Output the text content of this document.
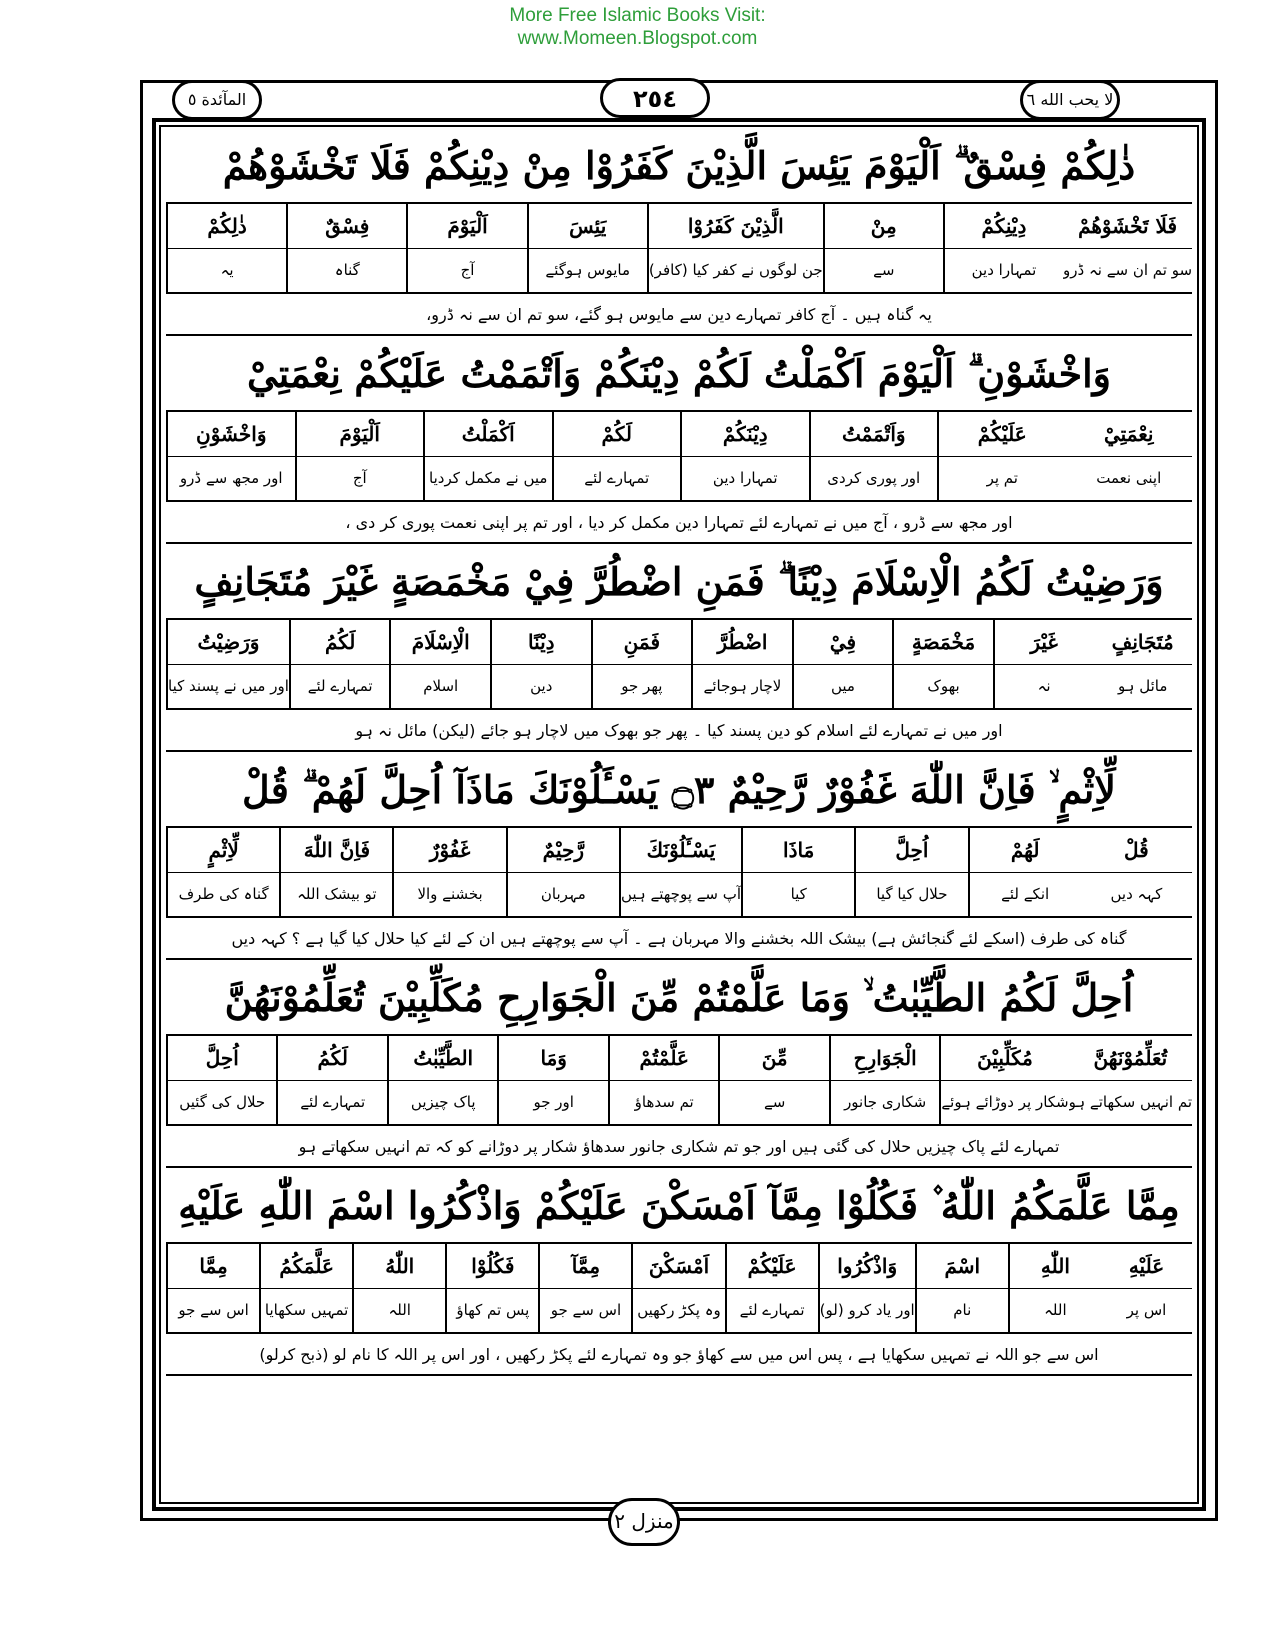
More Free Islamic Books Visit:
www.Momeen.Blogspot.com
المآئدة ٥	٢٥٤	لا يحب الله ٦
ذٰلِكُمْ فِسْقٌ ۗ اَلْيَوْمَ يَئِسَ الَّذِيْنَ كَفَرُوْا مِنْ دِيْنِكُمْ فَلَا تَخْشَوْهُمْ
ذٰلِكُمْ
یہ
فِسْقٌ
گناہ
اَلْيَوْمَ
آج
يَئِسَ
مایوس ہوگئے
الَّذِيْنَ كَفَرُوْا
جن لوگوں نے کفر کیا (کافر)
مِنْ
سے
دِيْنِكُمْ
تمہارا دین
فَلَا تَخْشَوْهُمْ
سو تم ان سے نہ ڈرو
یہ گناہ ہیں ۔ آج کافر تمہارے دین سے مایوس ہو گئے، سو تم ان سے نہ ڈرو،
وَاخْشَوْنِ ۗ اَلْيَوْمَ اَكْمَلْتُ لَكُمْ دِيْنَكُمْ وَاَتْمَمْتُ عَلَيْكُمْ نِعْمَتِيْ
وَاخْشَوْنِ
اور مجھ سے ڈرو
اَلْيَوْمَ
آج
اَكْمَلْتُ
میں نے مکمل کردیا
لَكُمْ
تمہارے لئے
دِيْنَكُمْ
تمہارا دین
وَاَتْمَمْتُ
اور پوری کردی
عَلَيْكُمْ
تم پر
نِعْمَتِيْ
اپنی نعمت
اور مجھ سے ڈرو ، آج میں نے تمہارے لئے تمہارا دین مکمل کر دیا ، اور تم پر اپنی نعمت پوری کر دی ،
وَرَضِيْتُ لَكُمُ الْاِسْلَامَ دِيْنًا ۗ فَمَنِ اضْطُرَّ فِيْ مَخْمَصَةٍ غَيْرَ مُتَجَانِفٍ
وَرَضِيْتُ
اور میں نے پسند کیا
لَكُمُ
تمہارے لئے
الْاِسْلَامَ
اسلام
دِيْنًا
دین
فَمَنِ
پھر جو
اضْطُرَّ
لاچار ہوجائے
فِيْ
میں
مَخْمَصَةٍ
بھوک
غَيْرَ
نہ
مُتَجَانِفٍ
مائل ہو
اور میں نے تمہارے لئے اسلام کو دین پسند کیا ۔ پھر جو بھوک میں لاچار ہو جائے (لیکن) مائل نہ ہو
لِّاِثْمٍ ۙ فَاِنَّ اللّٰهَ غَفُوْرٌ رَّحِيْمٌ ۝٣ يَسْـَٔلُوْنَكَ مَاذَآ اُحِلَّ لَهُمْ ۗ قُلْ
لِّاِثْمٍ
گناہ کی طرف
فَاِنَّ اللّٰهَ
تو بیشک اللہ
غَفُوْرٌ
بخشنے والا
رَّحِيْمٌ
مہربان
يَسْـَٔلُوْنَكَ
آپ سے پوچھتے ہیں
مَاذَا
کیا
اُحِلَّ
حلال کیا گیا
لَهُمْ
انکے لئے
قُلْ
کہہ دیں
گناہ کی طرف (اسکے لئے گنجائش ہے) بیشک اللہ بخشنے والا مہربان ہے ۔ آپ سے پوچھتے ہیں ان کے لئے کیا حلال کیا گیا ہے ؟ کہہ دیں
اُحِلَّ لَكُمُ الطَّيِّبٰتُ ۙ وَمَا عَلَّمْتُمْ مِّنَ الْجَوَارِحِ مُكَلِّبِيْنَ تُعَلِّمُوْنَهُنَّ
اُحِلَّ
حلال کی گئیں
لَكُمُ
تمہارے لئے
الطَّيِّبٰتُ
پاک چیزیں
وَمَا
اور جو
عَلَّمْتُمْ
تم سدھاؤ
مِّنَ
سے
الْجَوَارِحِ
شکاری جانور
مُكَلِّبِيْنَ
شکار پر دوڑائے ہوئے
تُعَلِّمُوْنَهُنَّ
تم انہیں سکھاتے ہو
تمہارے لئے پاک چیزیں حلال کی گئی ہیں اور جو تم شکاری جانور سدھاؤ شکار پر دوڑانے کو کہ تم انہیں سکھاتے ہو
مِمَّا عَلَّمَكُمُ اللّٰهُ ۫ فَكُلُوْا مِمَّآ اَمْسَكْنَ عَلَيْكُمْ وَاذْكُرُوا اسْمَ اللّٰهِ عَلَيْهِ
مِمَّا
اس سے جو
عَلَّمَكُمُ
تمہیں سکھایا
اللّٰهُ
اللہ
فَكُلُوْا
پس تم کھاؤ
مِمَّآ
اس سے جو
اَمْسَكْنَ
وہ پکڑ رکھیں
عَلَيْكُمْ
تمہارے لئے
وَاذْكُرُوا
اور یاد کرو (لو)
اسْمَ
نام
اللّٰهِ
اللہ
عَلَيْهِ
اس پر
اس سے جو اللہ نے تمہیں سکھایا ہے ، پس اس میں سے کھاؤ جو وہ تمہارے لئے پکڑ رکھیں ، اور اس پر اللہ کا نام لو (ذبح کرلو)
منزل ٢
